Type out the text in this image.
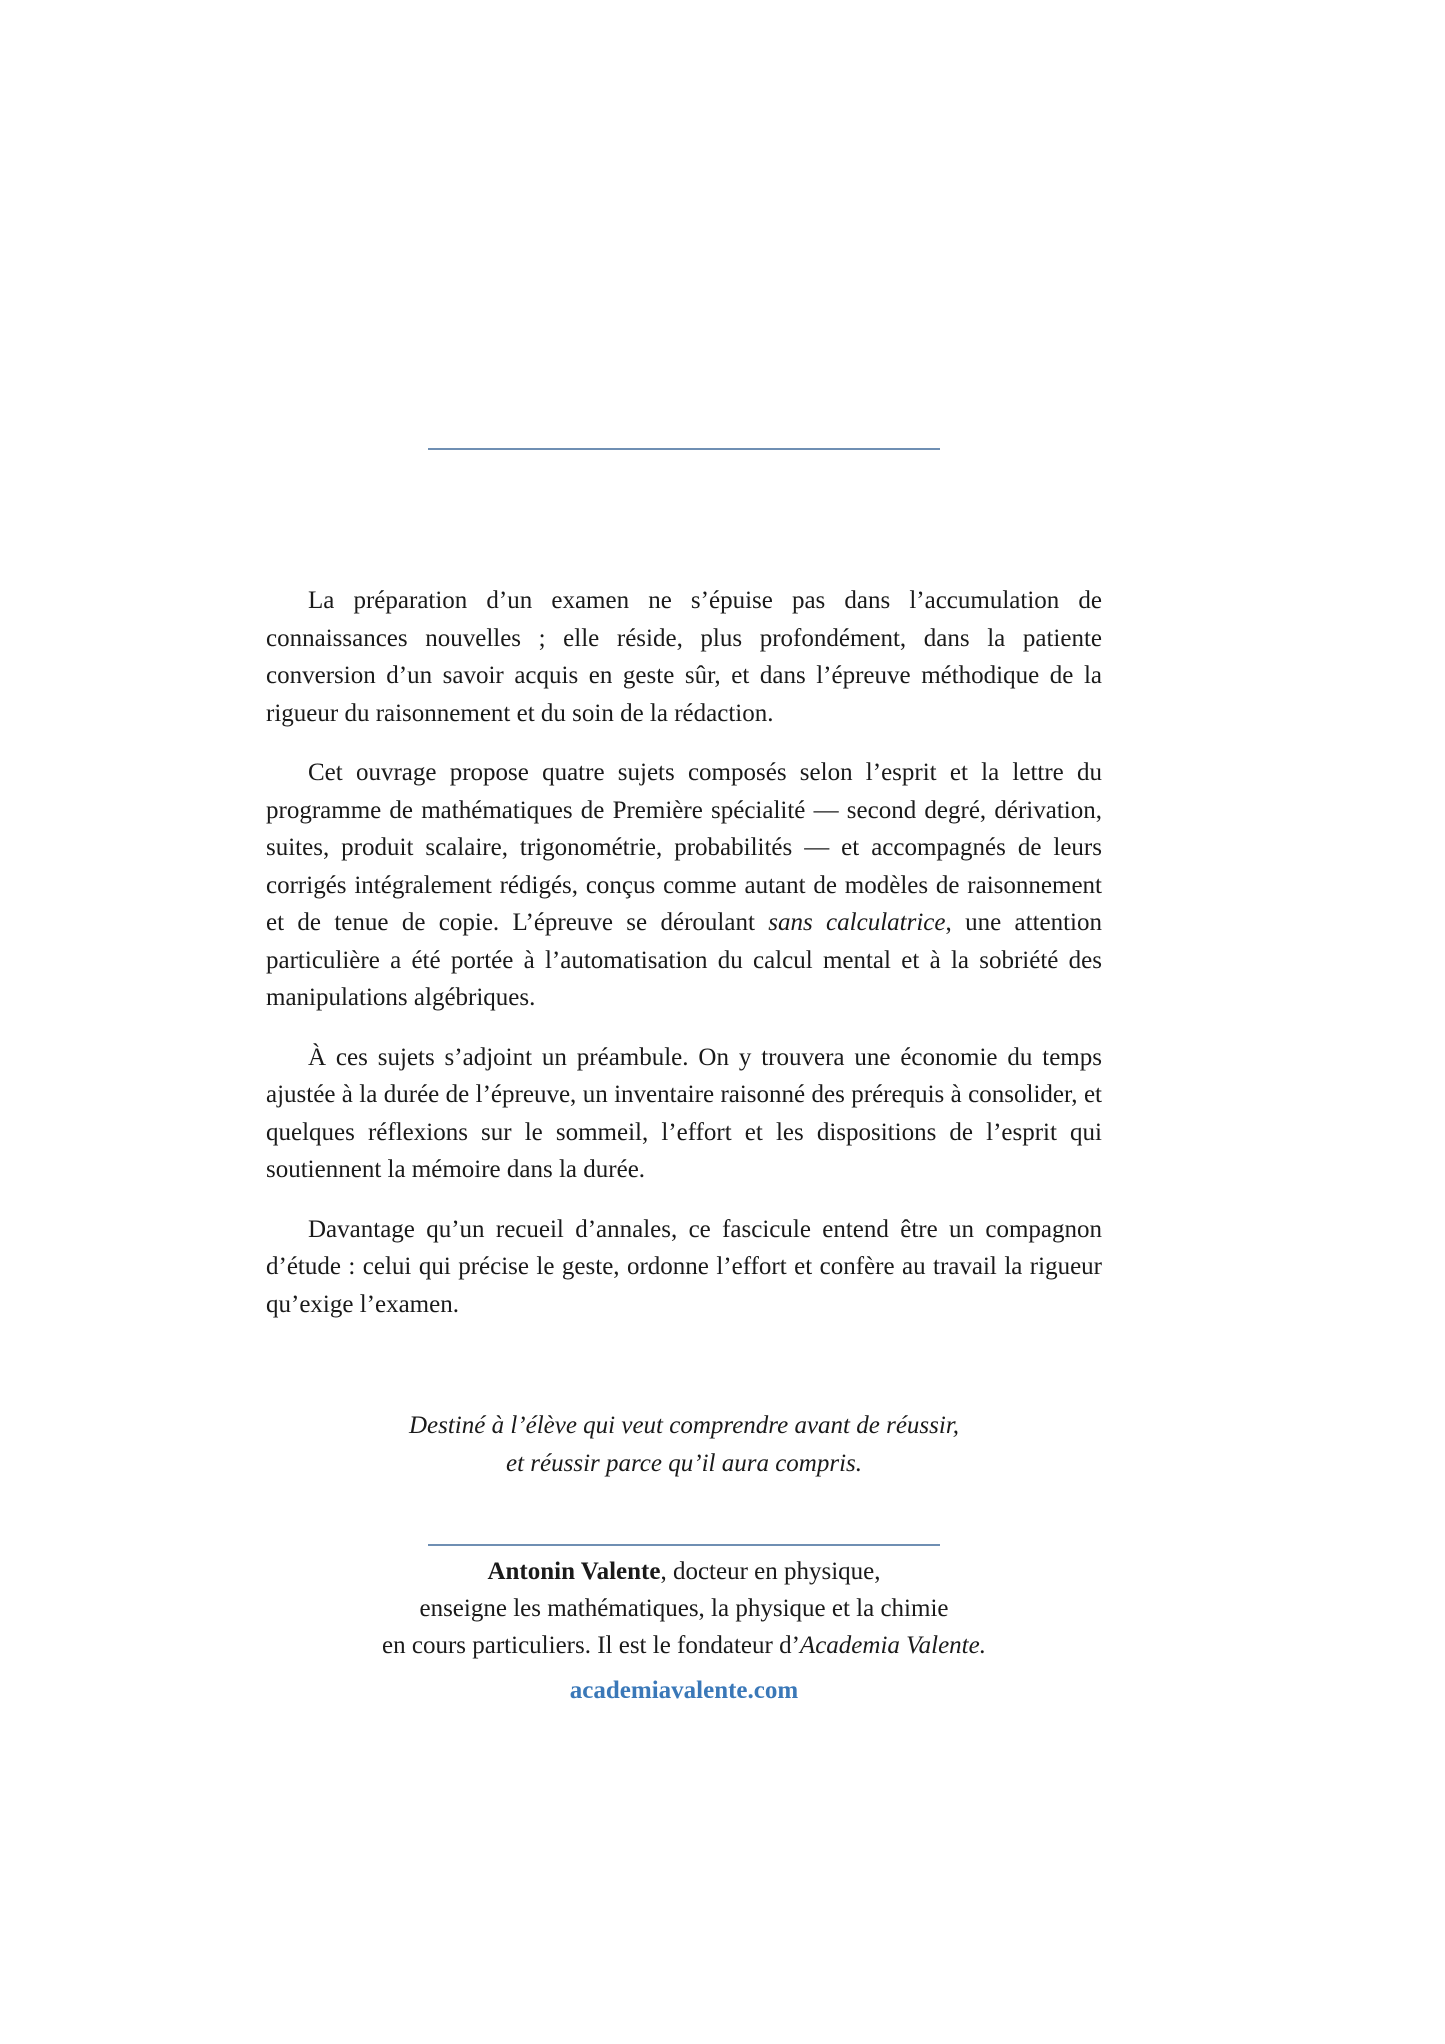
La préparation d’un examen ne s’épuise pas dans l’accumulation de connaissances nouvelles ; elle réside, plus profondément, dans la patiente conversion d’un savoir acquis en geste sûr, et dans l’épreuve méthodique de la rigueur du raisonnement et du soin de la rédaction.

Cet ouvrage propose quatre sujets composés selon l’esprit et la lettre du programme de mathématiques de Première spécialité — second degré, dérivation, suites, produit scalaire, trigonométrie, probabilités — et accompagnés de leurs corrigés intégralement rédigés, conçus comme autant de modèles de raisonnement et de tenue de copie. L’épreuve se déroulant sans calculatrice, une attention particulière a été portée à l’automatisation du calcul mental et à la sobriété des manipulations algébriques.

À ces sujets s’adjoint un préambule. On y trouvera une économie du temps ajustée à la durée de l’épreuve, un inventaire raisonné des prérequis à consolider, et quelques réflexions sur le sommeil, l’effort et les dispositions de l’esprit qui soutiennent la mémoire dans la durée.

Davantage qu’un recueil d’annales, ce fascicule entend être un compagnon d’étude : celui qui précise le geste, ordonne l’effort et confère au travail la rigueur qu’exige l’examen.

Destiné à l’élève qui veut comprendre avant de réussir,
et réussir parce qu’il aura compris.
Antonin Valente, docteur en physique,
enseigne les mathématiques, la physique et la chimie
en cours particuliers. Il est le fondateur d’Academia Valente.
academiavalente.com
